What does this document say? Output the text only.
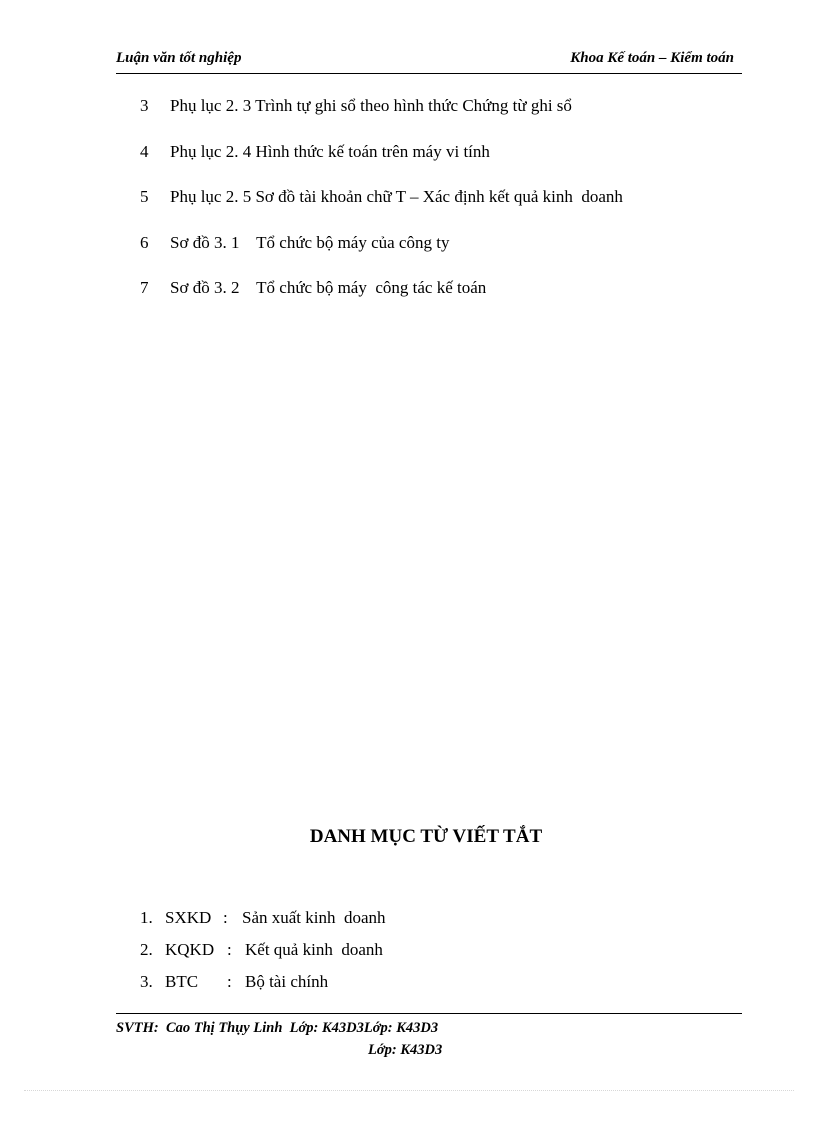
Luận văn tốt nghiệp	Khoa Kế toán – Kiểm toán
3	Phụ lục 2. 3 Trình tự ghi sổ theo hình thức Chứng từ ghi sổ
4	Phụ lục 2. 4 Hình thức kế toán trên máy vi tính
5	Phụ lục 2. 5 Sơ đồ tài khoản chữ T – Xác định kết quả kinh  doanh
6	Sơ đồ 3. 1    Tổ chức bộ máy của công ty
7	Sơ đồ 3. 2    Tổ chức bộ máy  công tác kế toán
DANH MỤC TỪ VIẾT TẮT
1. SXKD : Sản xuất kinh  doanh
2. KQKD : Kết quả kinh  doanh
3. BTC : Bộ tài chính
SVTH:  Cao Thị Thụy Linh  Lớp: K43D3Lớp: K43D3
Lớp: K43D3
